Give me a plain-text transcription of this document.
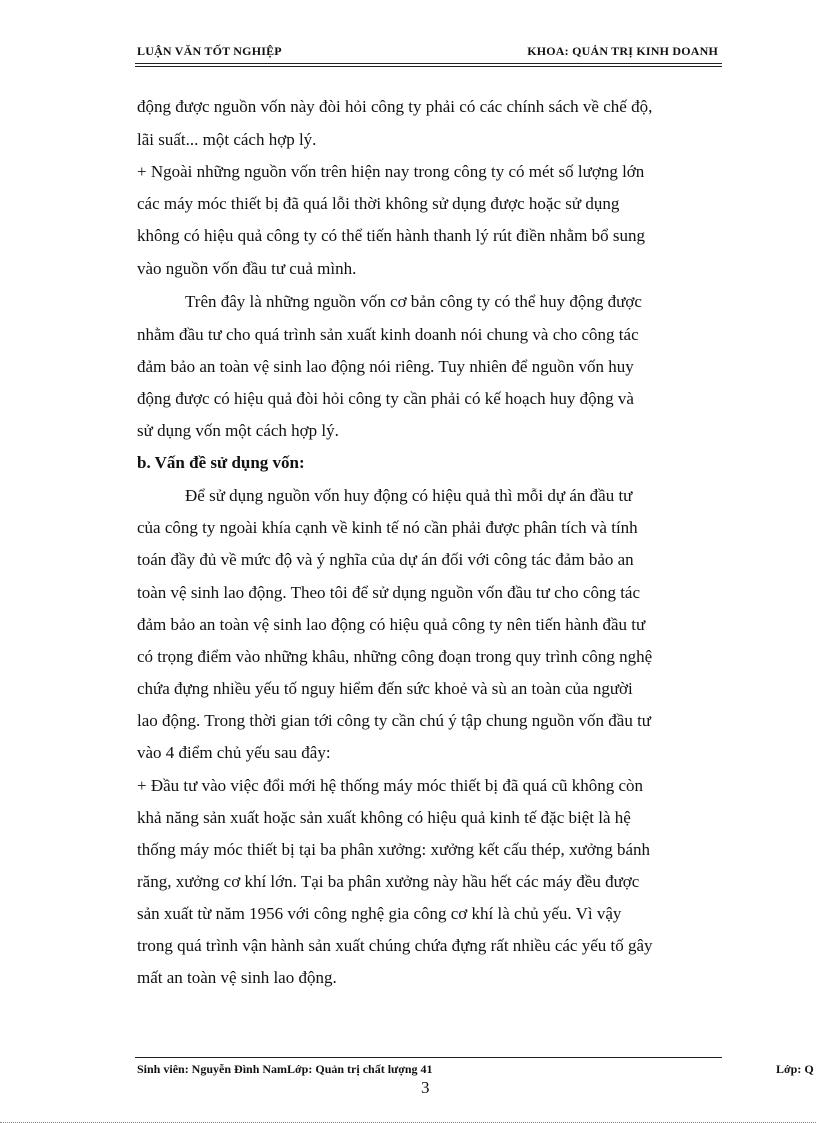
LUẬN VĂN TỐT NGHIỆP	KHOA: QUẢN TRỊ KINH DOANH
động được nguồn vốn này đòi hỏi công ty phải có các chính sách về chế độ,
lãi suất... một cách hợp lý.
+ Ngoài những nguồn vốn trên hiện nay trong công ty có mét số lượng lớn
các máy móc thiết bị đã quá lỗi thời không sử dụng được hoặc sử dụng
không có hiệu quả công ty có thể tiến hành thanh lý rút điền nhằm bổ sung
vào nguồn vốn đầu tư cuả mình.
Trên đây là những nguồn vốn cơ bản công ty có thể huy động được
nhằm đầu tư cho quá trình sản xuất kinh doanh nói chung và cho công tác
đảm bảo an toàn vệ sinh lao động nói riêng. Tuy nhiên để nguồn vốn huy
động được có hiệu quả đòi hỏi công ty cần phải có kế hoạch huy động và
sử dụng vốn một cách hợp lý.
b. Vấn đề sử dụng vốn:
Để sử dụng nguồn vốn huy động có hiệu quả thì mỗi dự án đầu tư
của công ty ngoài khía cạnh về kinh tế nó cần phải được phân tích và tính
toán đầy đủ về mức độ và ý nghĩa của dự án đối với công tác đảm bảo an
toàn vệ sinh lao động. Theo tôi để sử dụng nguồn vốn đầu tư cho công tác
đảm bảo an toàn vệ sinh lao động có hiệu quả công ty nên tiến hành đầu tư
có trọng điểm vào những khâu, những công đoạn trong quy trình công nghệ
chứa đựng nhiều yếu tố nguy hiểm đến sức khoẻ và sù an toàn của người
lao động. Trong thời gian tới công ty cần chú ý tập chung nguồn vốn đầu tư
vào 4 điểm chủ yếu sau đây:
+ Đầu tư vào việc đổi mới hệ thống máy móc thiết bị đã quá cũ không còn
khả năng sản xuất hoặc sản xuất không có hiệu quả kinh tế đặc biệt là hệ
thống máy móc thiết bị tại ba phân xưởng: xưởng kết cấu thép, xưởng bánh
răng, xưởng cơ khí lớn. Tại ba phân xưởng này hầu hết các máy đều được
sản xuất từ năm 1956 với công nghệ gia công cơ khí là chủ yếu. Vì vậy
trong quá trình vận hành sản xuất chúng chứa đựng rất nhiều các yếu tố gây
mất an toàn vệ sinh lao động.
Sinh viên: Nguyễn Đình NamLớp: Quản trị chất lượng 41	Lớp: Q
3
